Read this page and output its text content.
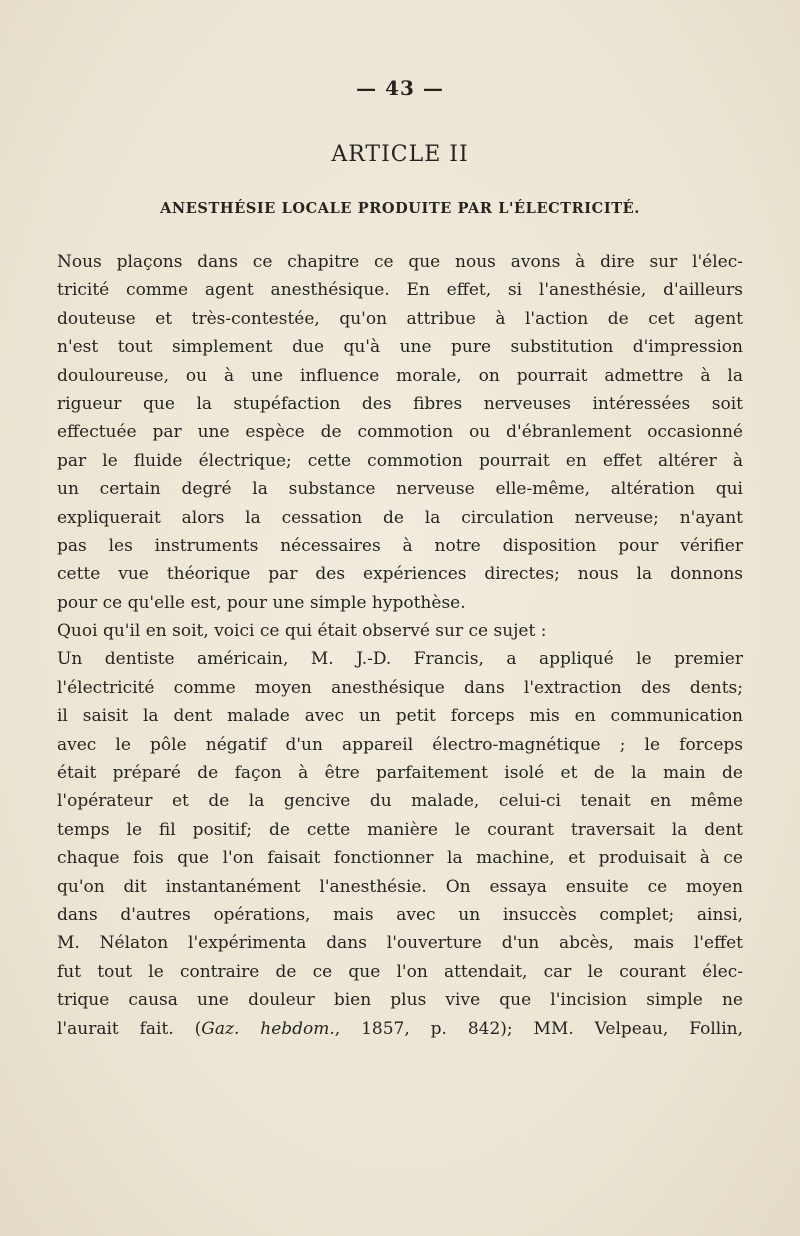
— 43 —
ARTICLE II
ANESTHÉSIE LOCALE PRODUITE PAR L'ÉLECTRICITÉ.
Nous plaçons dans ce chapitre ce que nous avons à dire sur l'élec-
tricité comme agent anesthésique. En effet, si l'anesthésie, d'ailleurs
douteuse et très-contestée, qu'on attribue à l'action de cet agent
n'est tout simplement due qu'à une pure substitution d'impression
douloureuse, ou à une influence morale, on pourrait admettre à la
rigueur que la stupéfaction des fibres nerveuses intéressées soit
effectuée par une espèce de commotion ou d'ébranlement occasionné
par le fluide électrique; cette commotion pourrait en effet altérer à
un certain degré la substance nerveuse elle-même, altération qui
expliquerait alors la cessation de la circulation nerveuse; n'ayant
pas les instruments nécessaires à notre disposition pour vérifier
cette vue théorique par des expériences directes; nous la donnons
pour ce qu'elle est, pour une simple hypothèse.
Quoi qu'il en soit, voici ce qui était observé sur ce sujet :
Un dentiste américain, M. J.-D. Francis, a appliqué le premier
l'électricité comme moyen anesthésique dans l'extraction des dents;
il saisit la dent malade avec un petit forceps mis en communication
avec le pôle négatif d'un appareil électro-magnétique ; le forceps
était préparé de façon à être parfaitement isolé et de la main de
l'opérateur et de la gencive du malade, celui-ci tenait en même
temps le fil positif; de cette manière le courant traversait la dent
chaque fois que l'on faisait fonctionner la machine, et produisait à ce
qu'on dit instantanément l'anesthésie. On essaya ensuite ce moyen
dans d'autres opérations, mais avec un insuccès complet; ainsi,
M. Nélaton l'expérimenta dans l'ouverture d'un abcès, mais l'effet
fut tout le contraire de ce que l'on attendait, car le courant élec-
trique causa une douleur bien plus vive que l'incision simple ne
l'aurait fait. (Gaz. hebdom., 1857, p. 842); MM. Velpeau, Follin,
